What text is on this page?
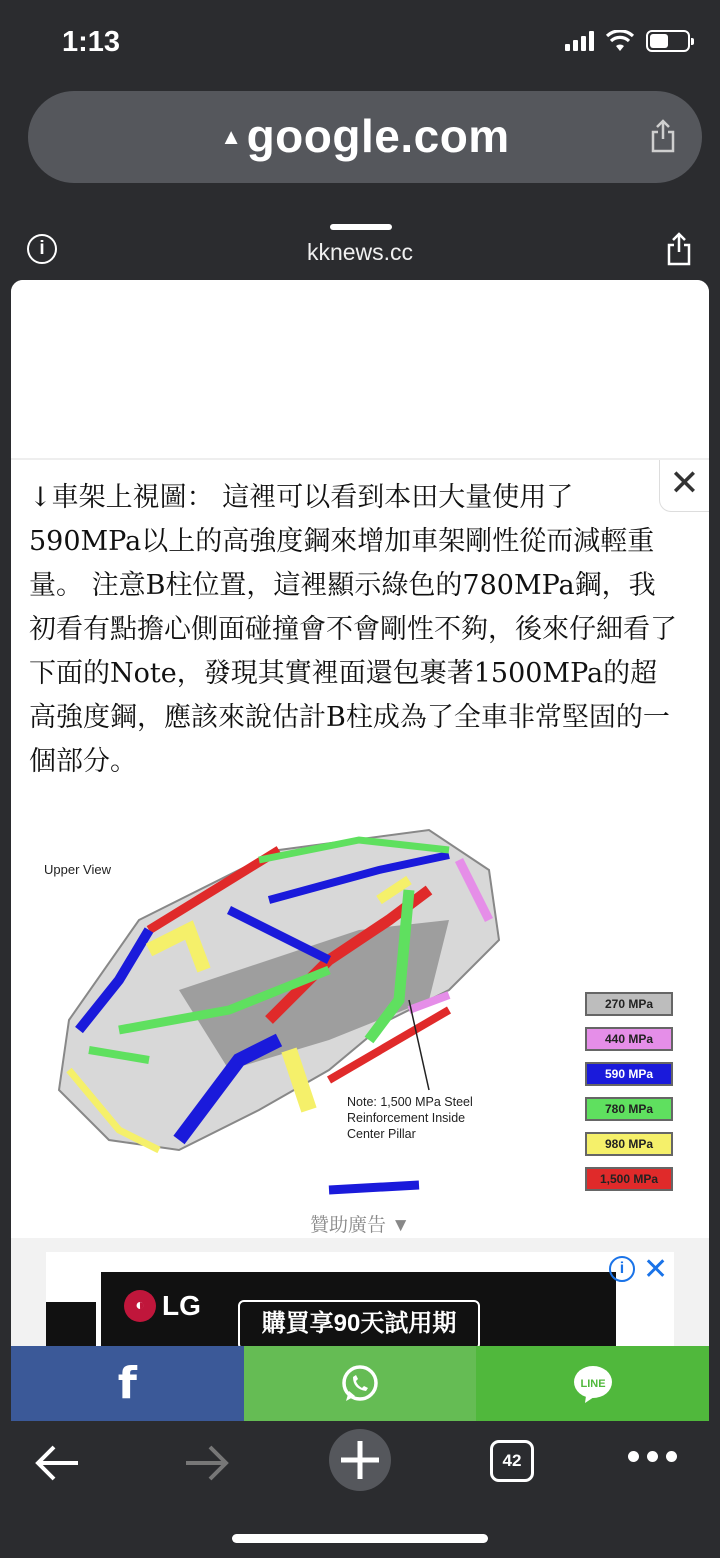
1:13
▲google.com
i	kknews.cc
✕
↓車架上視圖： 這裡可以看到本田大量使用了590MPa以上的高強度鋼來增加車架剛性從而減輕重量。 注意B柱位置，這裡顯示綠色的780MPa鋼，我初看有點擔心側面碰撞會不會剛性不夠，後來仔細看了下面的Note，發現其實裡面還包裹著1500MPa的超高強度鋼，應該來說估計B柱成為了全車非常堅固的一個部分。
Upper View
Note: 1,500 MPa Steel Reinforcement Inside Center Pillar
270 MPa
440 MPa
590 MPa
780 MPa
980 MPa
1,500 MPa
贊助廣告 ▼
◐ LG
購買享90天試用期
i ✕
f	LINE
42
